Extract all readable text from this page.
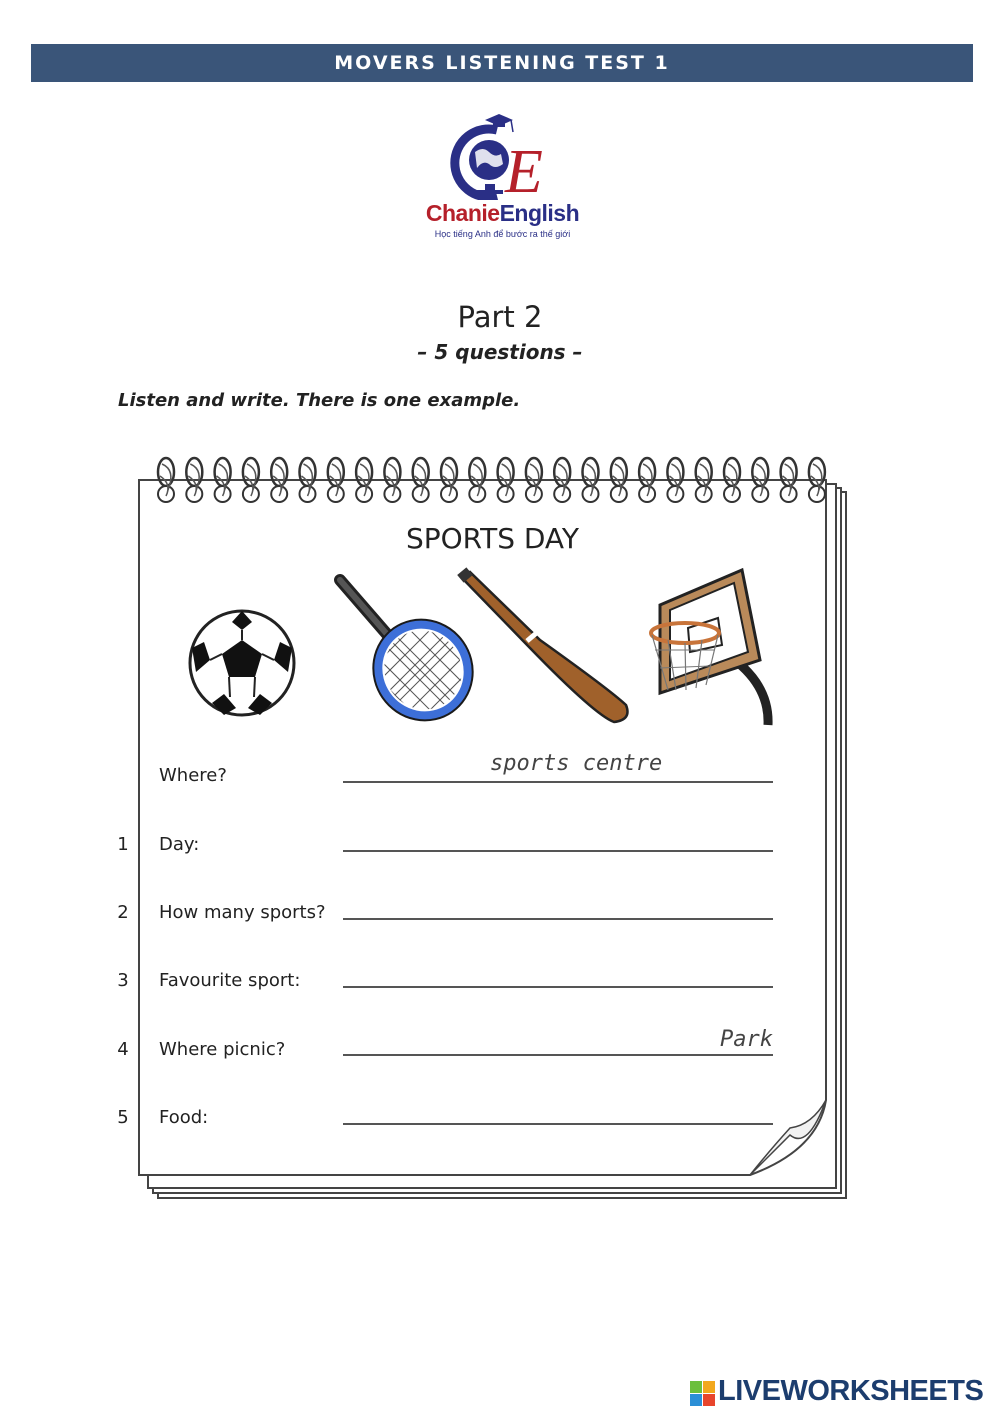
MOVERS LISTENING TEST 1
E
ChanieEnglish
Học tiếng Anh để bước ra thế giới
Part 2
– 5 questions –
Listen and write. There is one example.
SPORTS DAY
Where?	sports centre
1 Day:
2 How many sports?
3 Favourite sport:
4 Where picnic?	Park
5 Food:
LIVEWORKSHEETS
